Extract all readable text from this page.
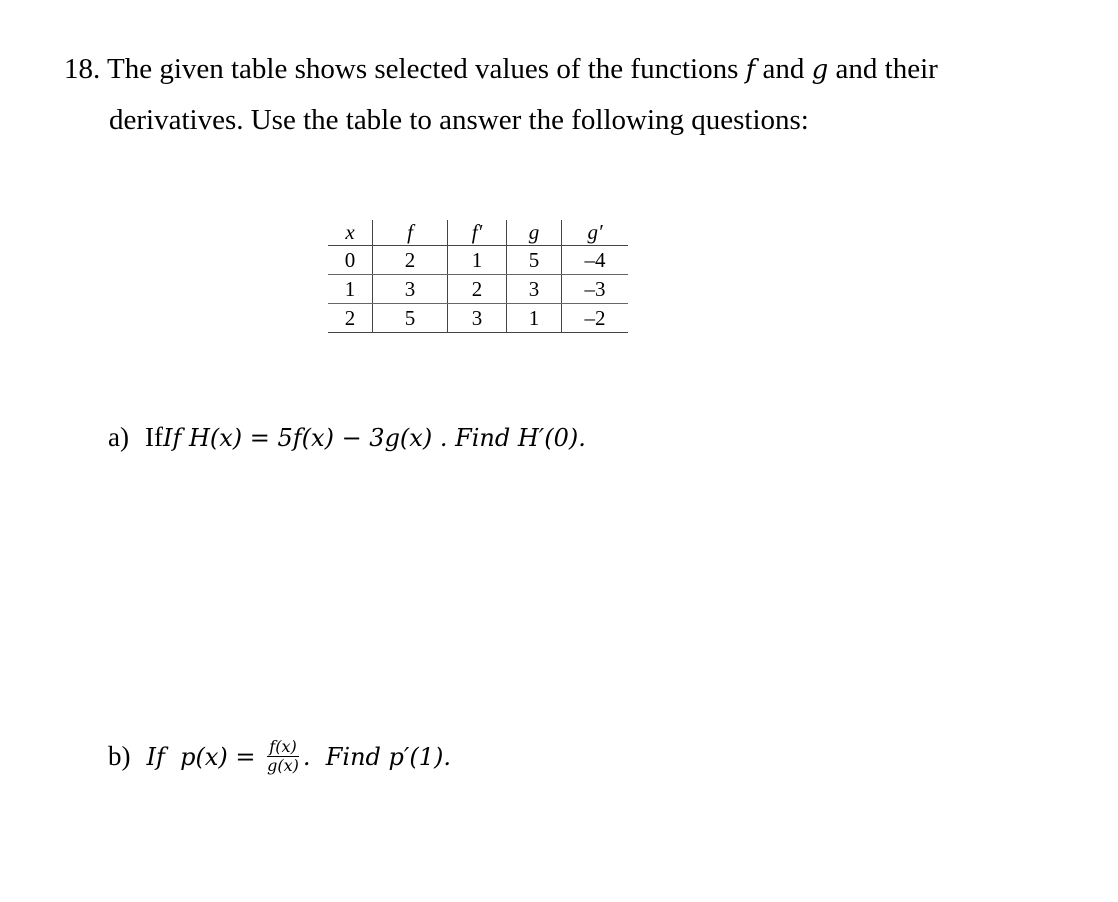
18. The given table shows selected values of the functions f and g and their
derivatives. Use the table to answer the following questions:
x	f	f′	g	g′
0	2	1	5	–4
1	3	2	3	–3
2	5	3	1	–2
a) If If H(x) = 5f(x) − 3g(x) . Find H′(0).
b) If  $p(x) = \frac{f(x)}{g(x)}$ .  Find p′(1).
